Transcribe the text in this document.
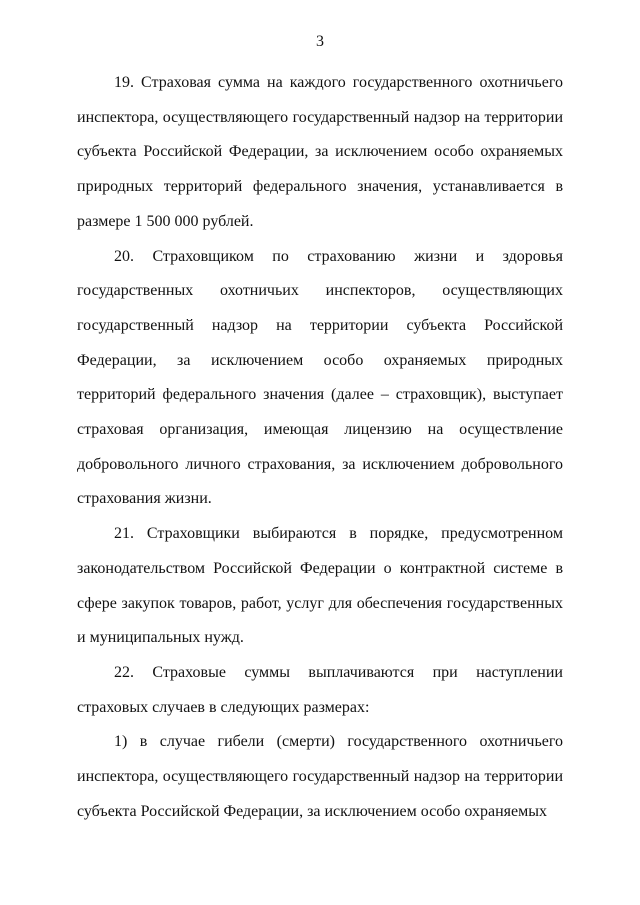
3

19. Страховая сумма на каждого государственного охотничьего инспектора, осуществляющего государственный надзор на территории субъекта Российской Федерации, за исключением особо охраняемых природных территорий федерального значения, устанавливается в размере 1 500 000 рублей.

20. Страховщиком по страхованию жизни и здоровья государственных охотничьих инспекторов, осуществляющих государственный надзор на территории субъекта Российской Федерации, за исключением особо охраняемых природных территорий федерального значения (далее – страховщик), выступает страховая организация, имеющая лицензию на осуществление добровольного личного страхования, за исключением добровольного страхования жизни.

21. Страховщики выбираются в порядке, предусмотренном законодательством Российской Федерации о контрактной системе в сфере закупок товаров, работ, услуг для обеспечения государственных и муниципальных нужд.

22. Страховые суммы выплачиваются при наступлении страховых случаев в следующих размерах:

1) в случае гибели (смерти) государственного охотничьего инспектора, осуществляющего государственный надзор на территории субъекта Российской Федерации, за исключением особо охраняемых
